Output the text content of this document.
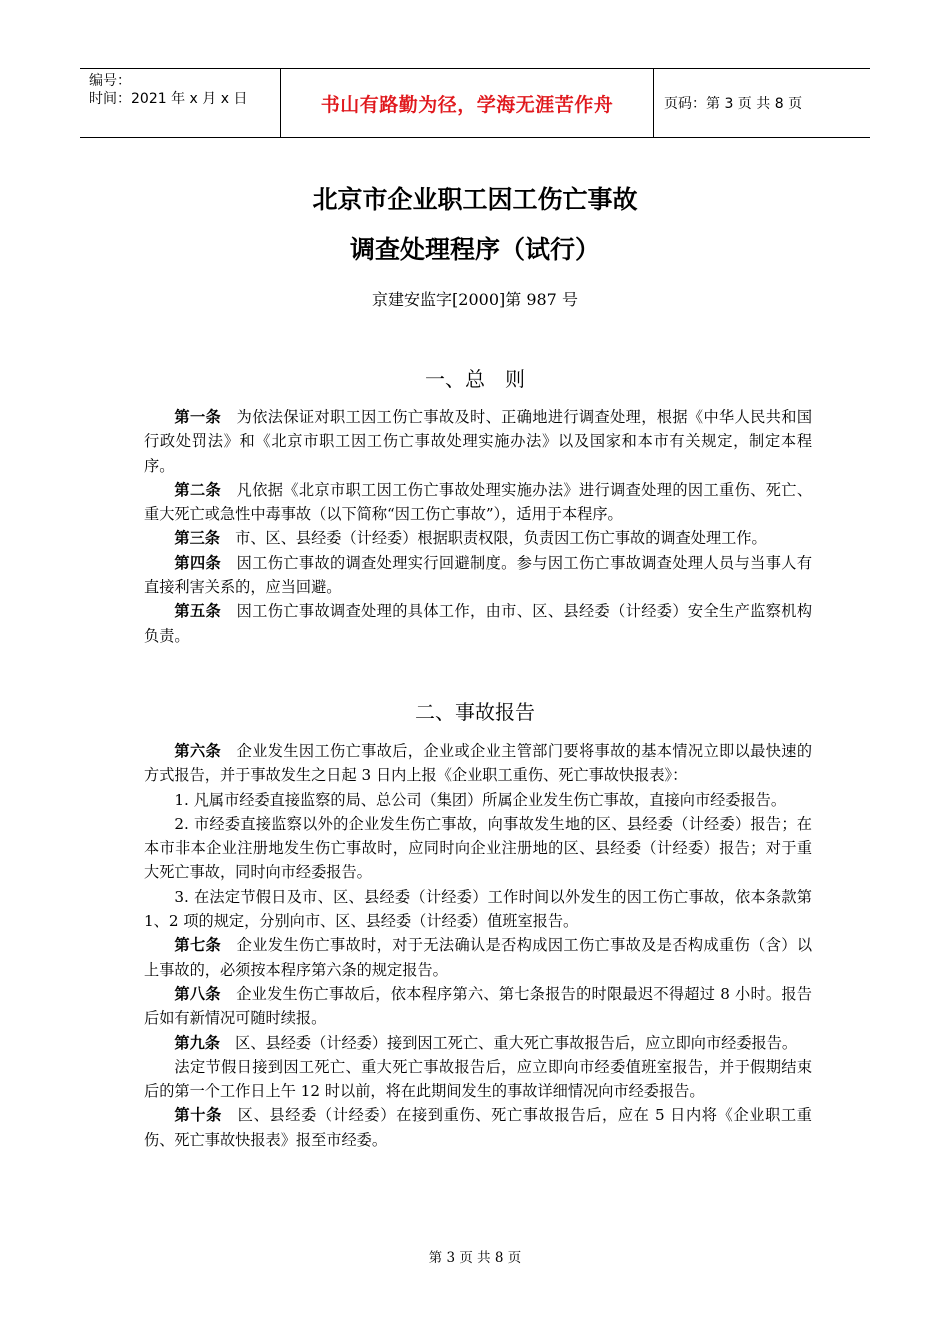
编号：
时间：2021 年 x 月 x 日	书山有路勤为径，学海无涯苦作舟	页码：第 3 页 共 8 页
北京市企业职工因工伤亡事故
调查处理程序（试行）
京建安监字[2000]第 987 号
一、总　则

第一条　为依法保证对职工因工伤亡事故及时、正确地进行调查处理，根据《中华人民共和国行政处罚法》和《北京市职工因工伤亡事故处理实施办法》以及国家和本市有关规定，制定本程序。

第二条　凡依据《北京市职工因工伤亡事故处理实施办法》进行调查处理的因工重伤、死亡、重大死亡或急性中毒事故（以下简称“因工伤亡事故”），适用于本程序。

第三条　市、区、县经委（计经委）根据职责权限，负责因工伤亡事故的调查处理工作。

第四条　因工伤亡事故的调查处理实行回避制度。参与因工伤亡事故调查处理人员与当事人有直接利害关系的，应当回避。

第五条　因工伤亡事故调查处理的具体工作，由市、区、县经委（计经委）安全生产监察机构负责。

二、事故报告

第六条　企业发生因工伤亡事故后，企业或企业主管部门要将事故的基本情况立即以最快速的方式报告，并于事故发生之日起 3 日内上报《企业职工重伤、死亡事故快报表》：

1. 凡属市经委直接监察的局、总公司（集团）所属企业发生伤亡事故，直接向市经委报告。

2. 市经委直接监察以外的企业发生伤亡事故，向事故发生地的区、县经委（计经委）报告；在本市非本企业注册地发生伤亡事故时，应同时向企业注册地的区、县经委（计经委）报告；对于重大死亡事故，同时向市经委报告。

3. 在法定节假日及市、区、县经委（计经委）工作时间以外发生的因工伤亡事故，依本条款第 1、2 项的规定，分别向市、区、县经委（计经委）值班室报告。

第七条　企业发生伤亡事故时，对于无法确认是否构成因工伤亡事故及是否构成重伤（含）以上事故的，必须按本程序第六条的规定报告。

第八条　企业发生伤亡事故后，依本程序第六、第七条报告的时限最迟不得超过 8 小时。报告后如有新情况可随时续报。

第九条　区、县经委（计经委）接到因工死亡、重大死亡事故报告后，应立即向市经委报告。

法定节假日接到因工死亡、重大死亡事故报告后，应立即向市经委值班室报告，并于假期结束后的第一个工作日上午 12 时以前，将在此期间发生的事故详细情况向市经委报告。

第十条　区、县经委（计经委）在接到重伤、死亡事故报告后，应在 5 日内将《企业职工重伤、死亡事故快报表》报至市经委。

第 3 页 共 8 页
